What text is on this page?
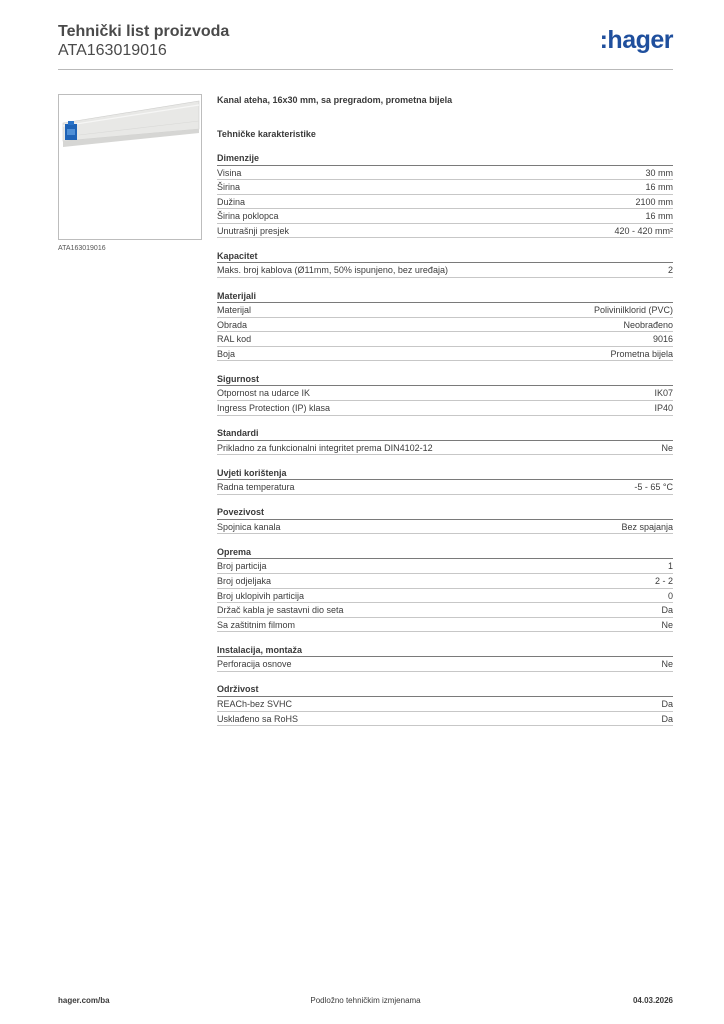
Tehnički list proizvoda
ATA163019016	:hager
ATA163019016
Kanal ateha, 16x30 mm, sa pregradom, prometna bijela
Tehničke karakteristike
Dimenzije
Visina	30 mm
Širina	16 mm
Dužina	2100 mm
Širina poklopca	16 mm
Unutrašnji presjek	420 - 420 mm²
Kapacitet
Maks. broj kablova (Ø11mm, 50% ispunjeno, bez uređaja)	2
Materijali
Materijal	Polivinilklorid (PVC)
Obrada	Neobrađeno
RAL kod	9016
Boja	Prometna bijela
Sigurnost
Otpornost na udarce IK	IK07
Ingress Protection (IP) klasa	IP40
Standardi
Prikladno za funkcionalni integritet prema DIN4102-12	Ne
Uvjeti korištenja
Radna temperatura	-5 - 65 °C
Povezivost
Spojnica kanala	Bez spajanja
Oprema
Broj particija	1
Broj odjeljaka	2 - 2
Broj uklopivih particija	0
Držač kabla je sastavni dio seta	Da
Sa zaštitnim filmom	Ne
Instalacija, montaža
Perforacija osnove	Ne
Održivost
REACh-bez SVHC	Da
Usklađeno sa RoHS	Da
hager.com/ba	Podložno tehničkim izmjenama	04.03.2026
